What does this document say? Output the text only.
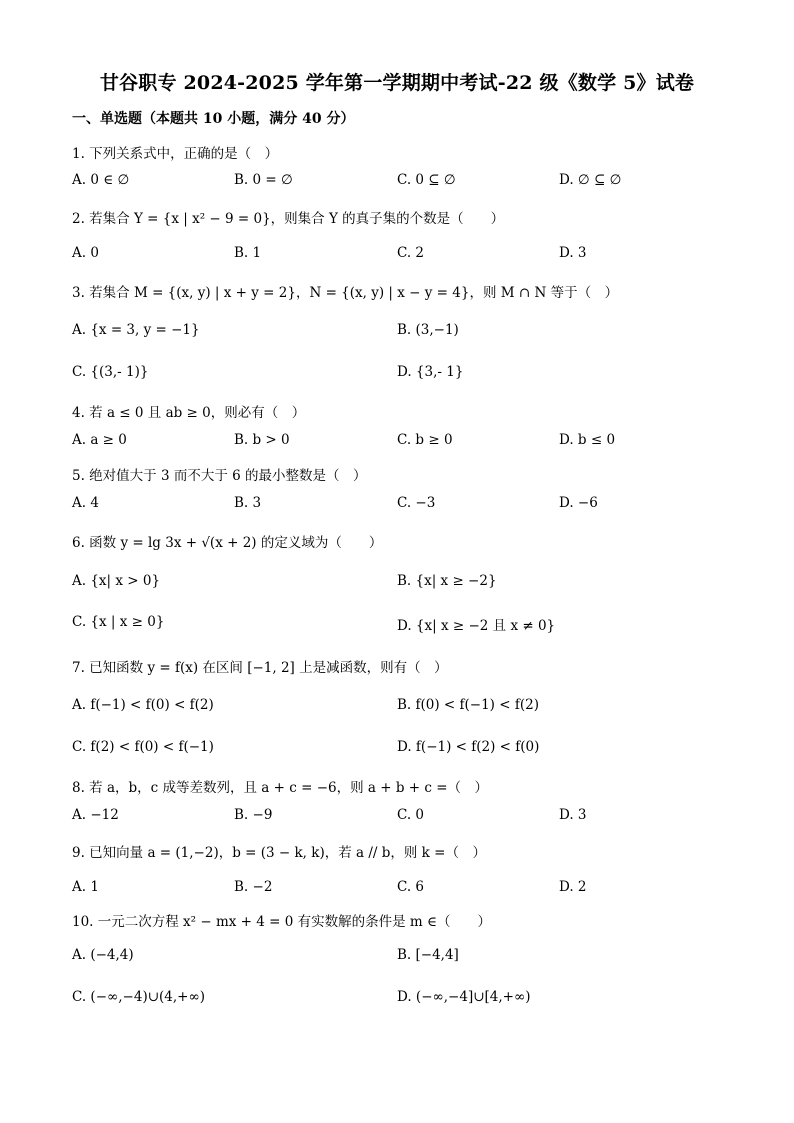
甘谷职专 2024-2025 学年第一学期期中考试-22 级《数学 5》试卷
一、单选题（本题共 10 小题，满分 40 分）
1. 下列关系式中，正确的是（　）
A. 0 ∈ ∅	B. 0 = ∅	C. 0 ⊆ ∅	D. ∅ ⊆ ∅
2. 若集合 Y = {x | x² − 9 = 0}，则集合 Y 的真子集的个数是（　　）
A. 0	B. 1	C. 2	D. 3
3. 若集合 M = {(x, y) | x + y = 2}，N = {(x, y) | x − y = 4}，则 M ∩ N 等于（　）
A. {x = 3, y = −1}	B. (3,−1)
C. {(3,- 1)}	D. {3,- 1}
4. 若 a ≤ 0 且 ab ≥ 0，则必有（　）
A. a ≥ 0	B. b > 0	C. b ≥ 0	D. b ≤ 0
5. 绝对值大于 3 而不大于 6 的最小整数是（　）
A. 4	B. 3	C. −3	D. −6
6. 函数 y = lg 3x + √(x + 2) 的定义域为（　　）
A. {x| x > 0}	B. {x| x ≥ −2}
C. {x | x ≥ 0}	D. {x| x ≥ −2 且 x ≠ 0}
7. 已知函数 y = f(x) 在区间 [−1, 2] 上是减函数，则有（　）
A. f(−1) < f(0) < f(2)	B. f(0) < f(−1) < f(2)
C. f(2) < f(0) < f(−1)	D. f(−1) < f(2) < f(0)
8. 若 a，b，c 成等差数列，且 a + c = −6，则 a + b + c =（　）
A. −12	B. −9	C. 0	D. 3
9. 已知向量 a = (1,−2)，b = (3 − k, k)，若 a // b，则 k =（　）
A. 1	B. −2	C. 6	D. 2
10. 一元二次方程 x² − mx + 4 = 0 有实数解的条件是 m ∈（　　）
A. (−4,4)	B. [−4,4]
C. (−∞,−4)∪(4,+∞)	D. (−∞,−4]∪[4,+∞)
